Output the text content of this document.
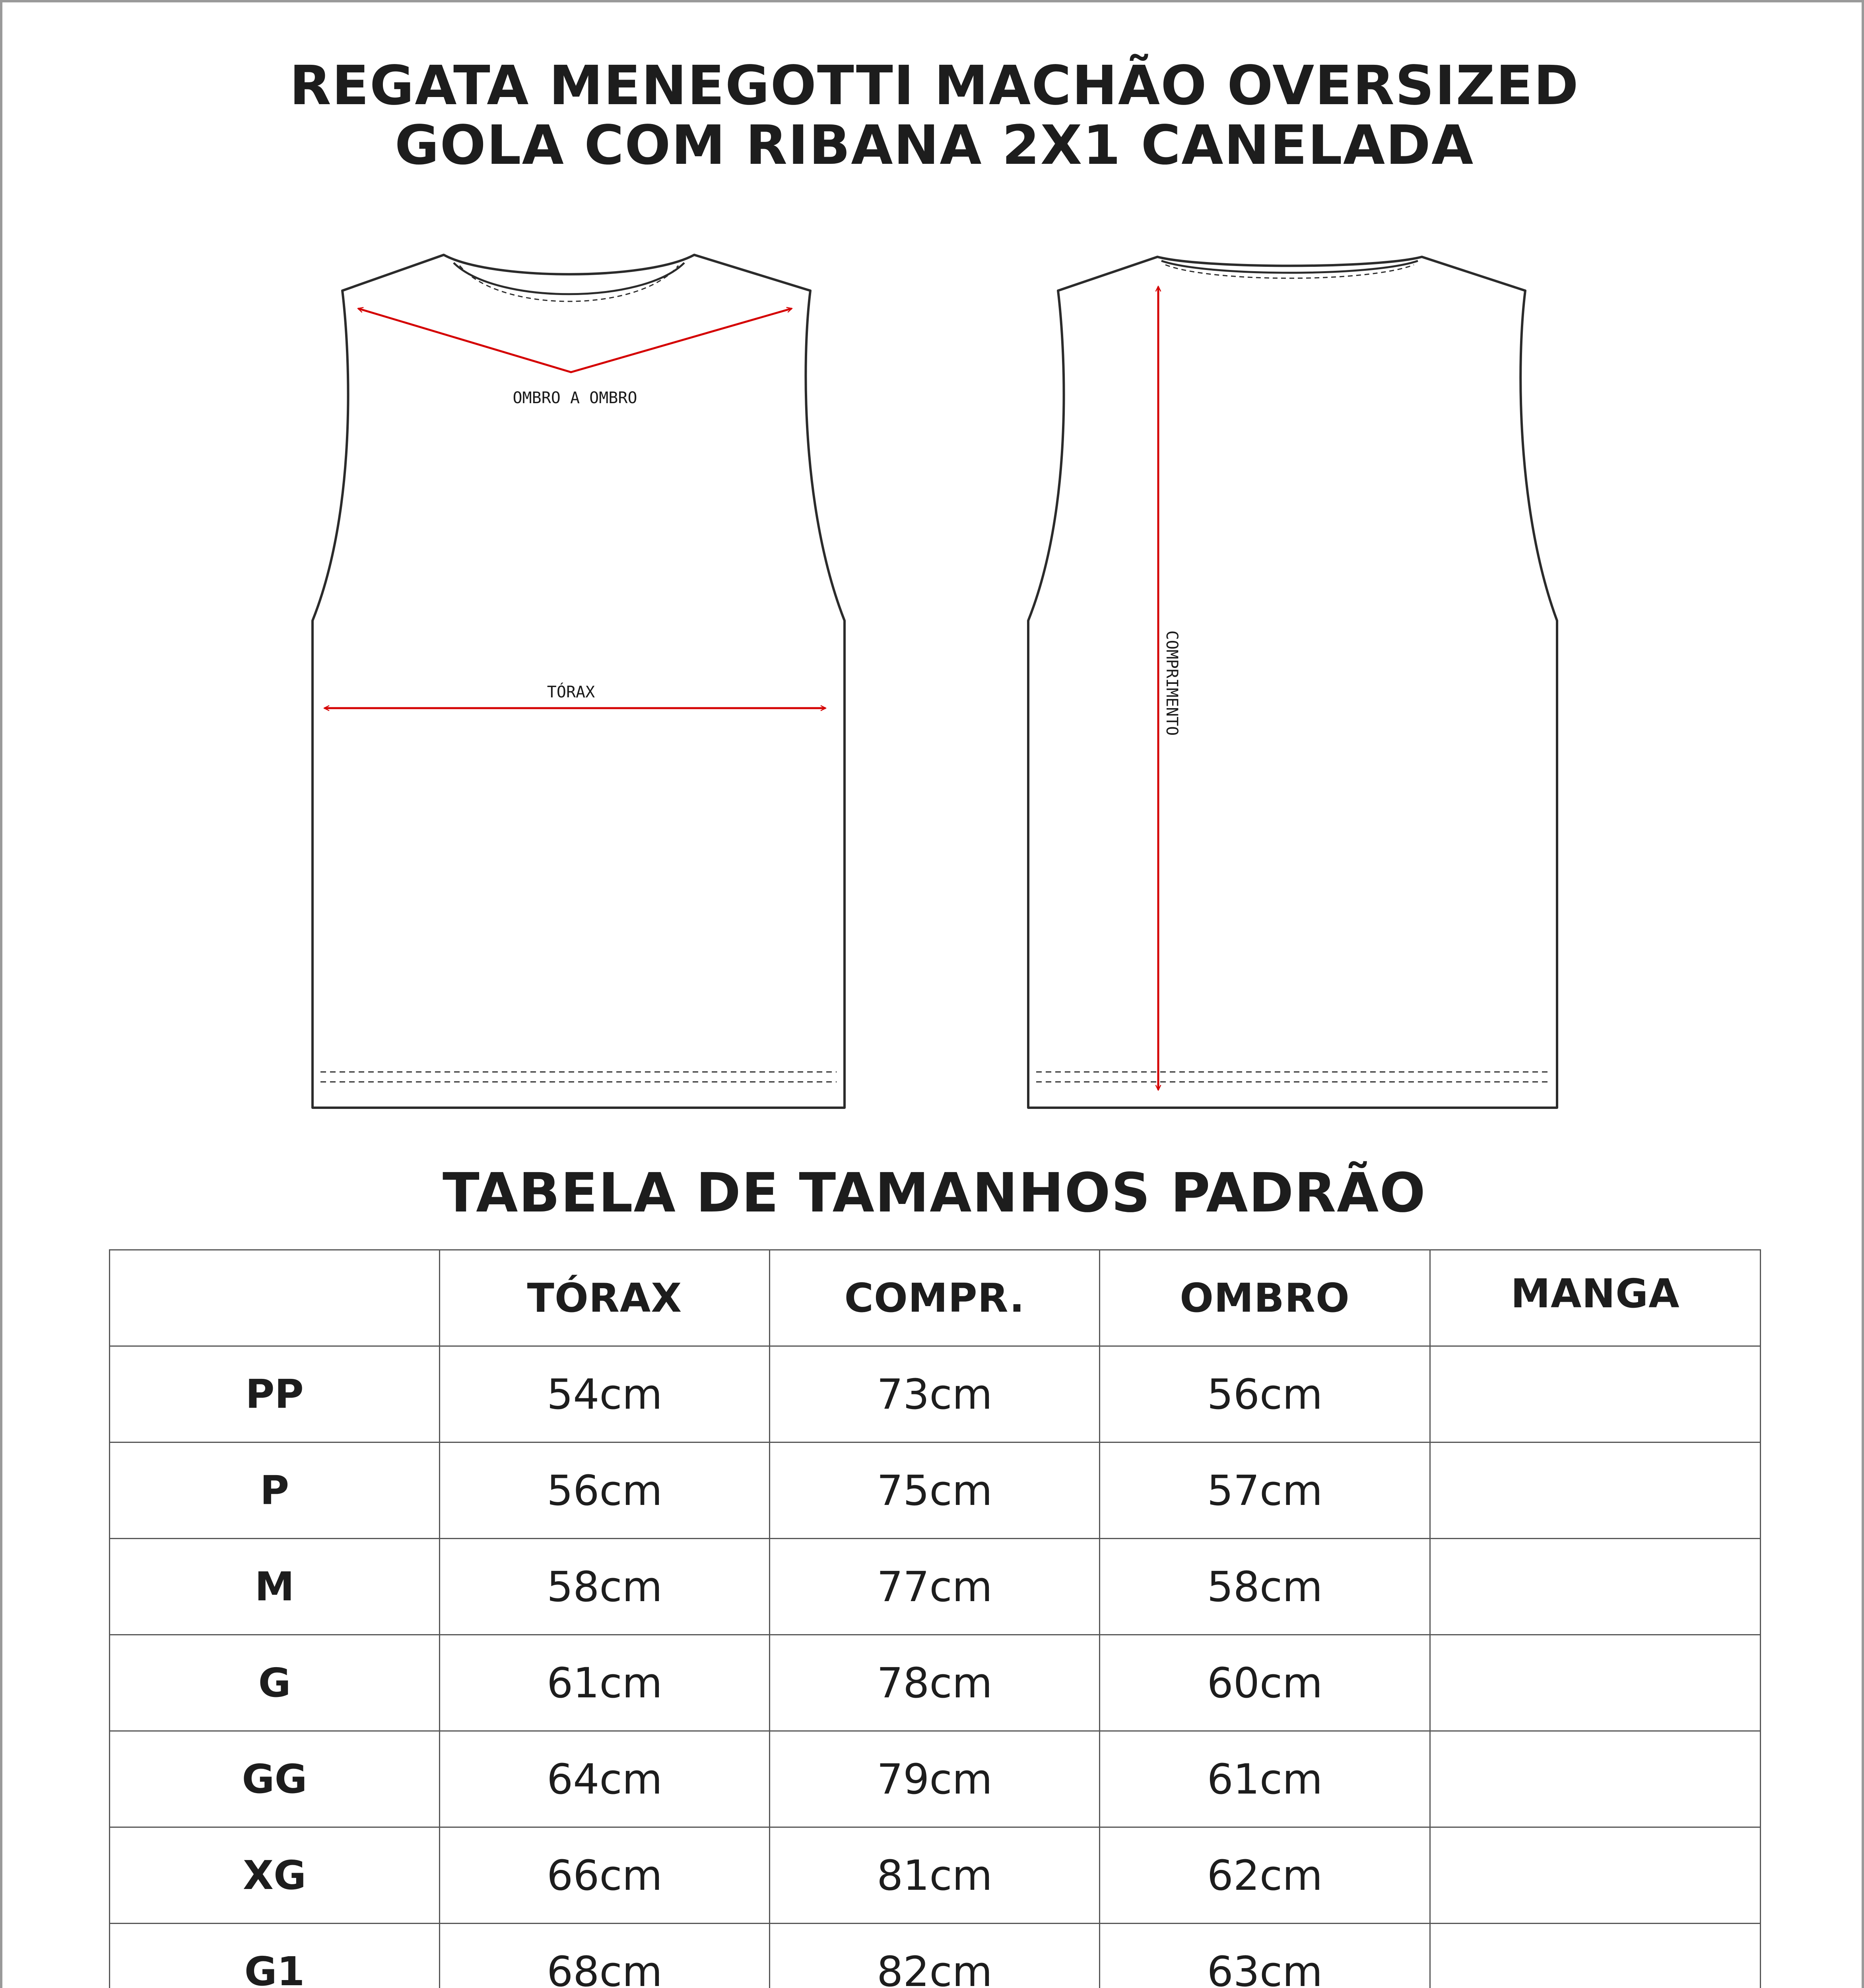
REGATA MENEGOTTI MACHÃO OVERSIZED
GOLA COM RIBANA 2X1 CANELADA
OMBRO A OMBRO
TÓRAX	COMPRIMENTO
TABELA DE TAMANHOS PADRÃO
	TÓRAX	COMPR.	OMBRO	MANGA
PP	54cm	73cm	56cm	
P	56cm	75cm	57cm	
M	58cm	77cm	58cm	
G	61cm	78cm	60cm	
GG	64cm	79cm	61cm	
XG	66cm	81cm	62cm	
G1	68cm	82cm	63cm	
